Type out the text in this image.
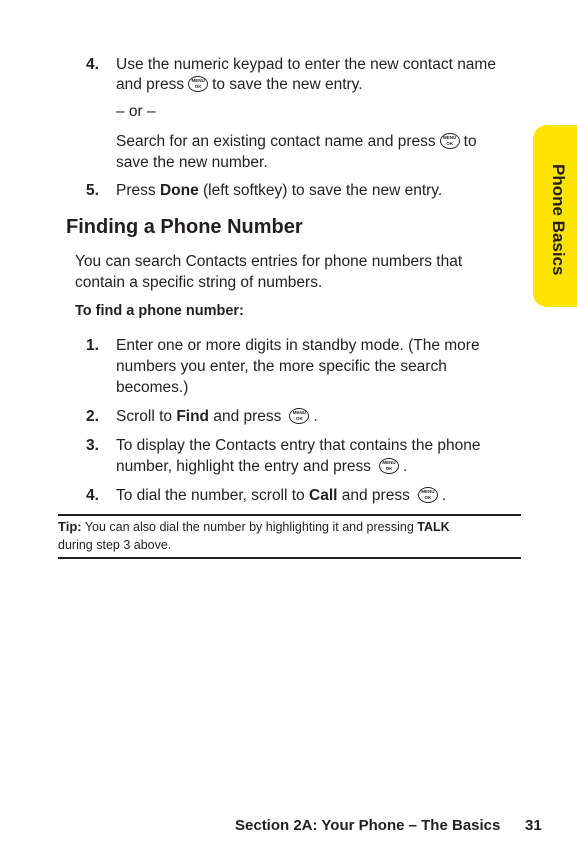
Phone Basics
4. Use the numeric keypad to enter the new contact name
and press MENU OK to save the new entry.
– or –
Search for an existing contact name and press MENU OK to
save the new number.
5. Press Done (left softkey) to save the new entry.
Finding a Phone Number
You can search Contacts entries for phone numbers that
contain a specific string of numbers.
To find a phone number:
1. Enter one or more digits in standby mode. (The more
numbers you enter, the more specific the search
becomes.)
2. Scroll to Find and press MENU OK .
3. To display the Contacts entry that contains the phone
number, highlight the entry and press MENU OK .
4. To dial the number, scroll to Call and press MENU OK .
Tip: You can also dial the number by highlighting it and pressing TALK
during step 3 above.
Section 2A: Your Phone – The Basics 31
